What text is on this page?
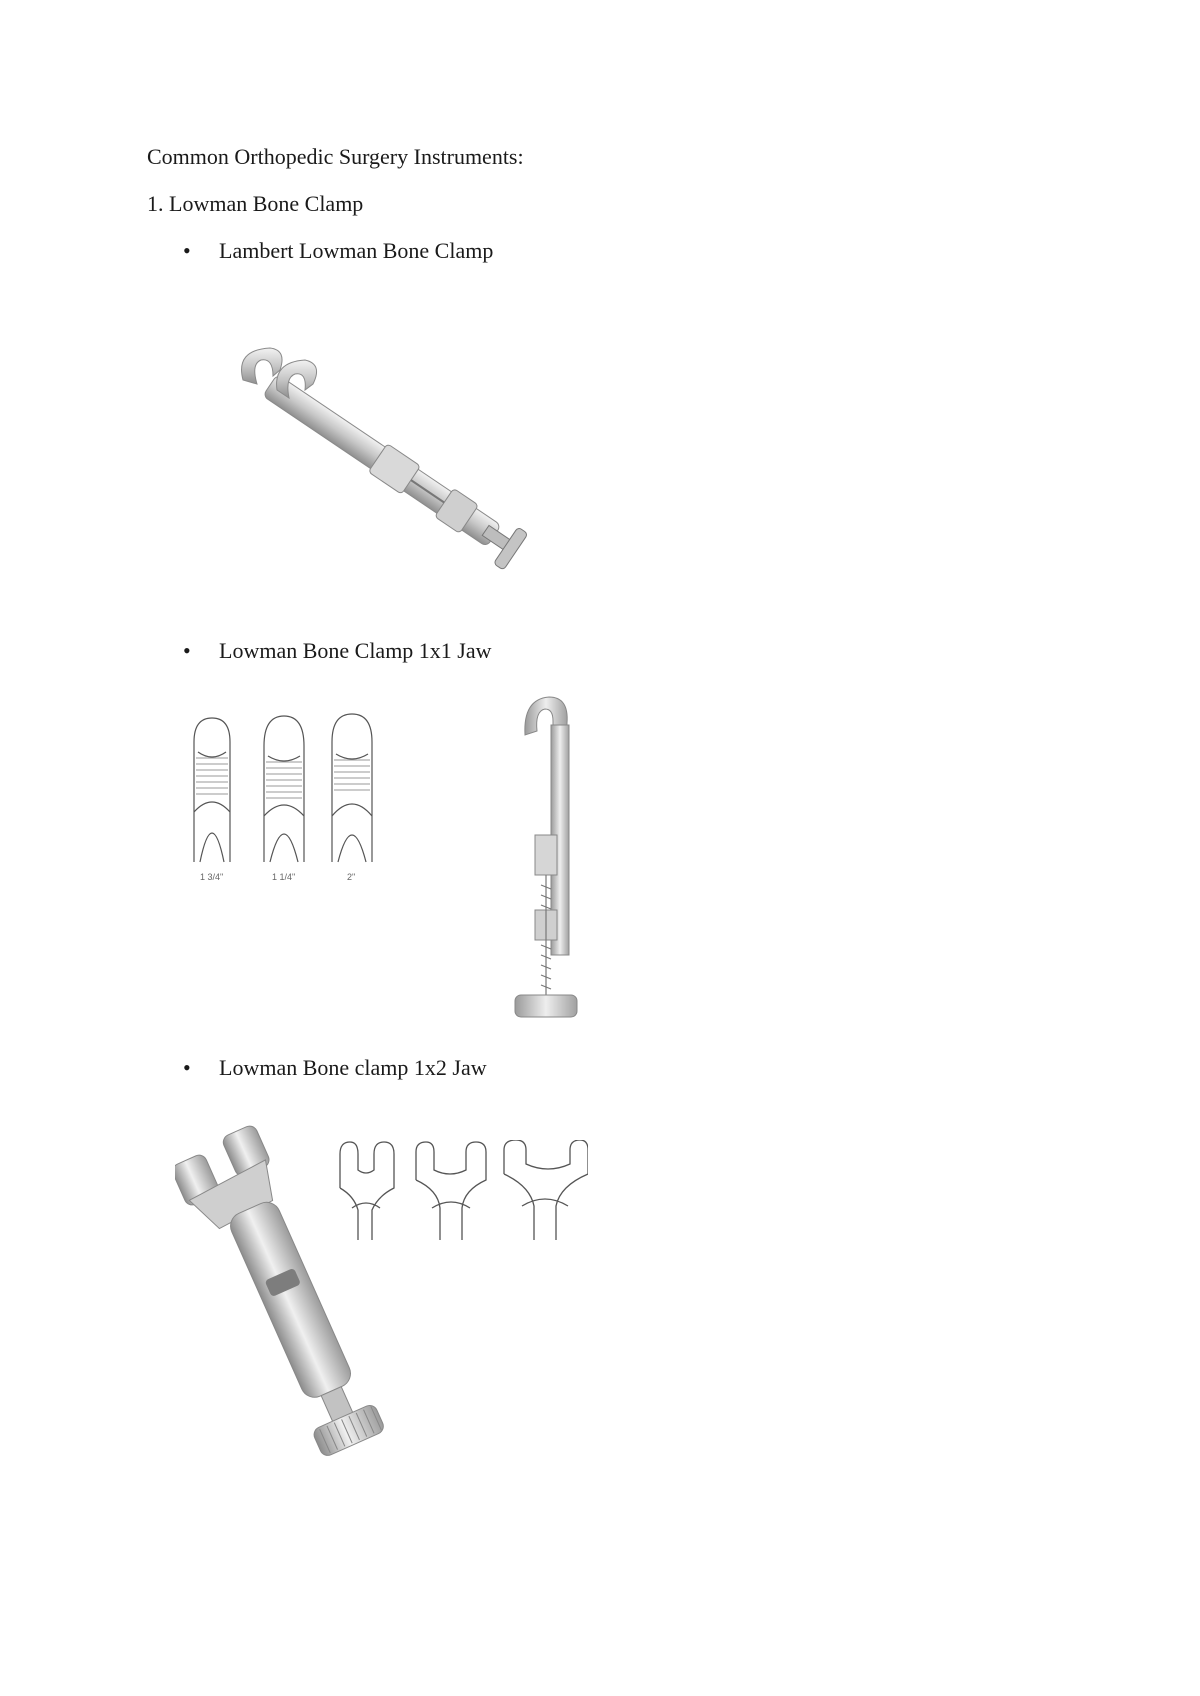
Common Orthopedic Surgery Instruments:
1. Lowman Bone Clamp
•	Lambert Lowman Bone Clamp
•	Lowman Bone Clamp 1x1 Jaw
1 3/4"	1 1/4"	2"
•	Lowman Bone clamp 1x2 Jaw
